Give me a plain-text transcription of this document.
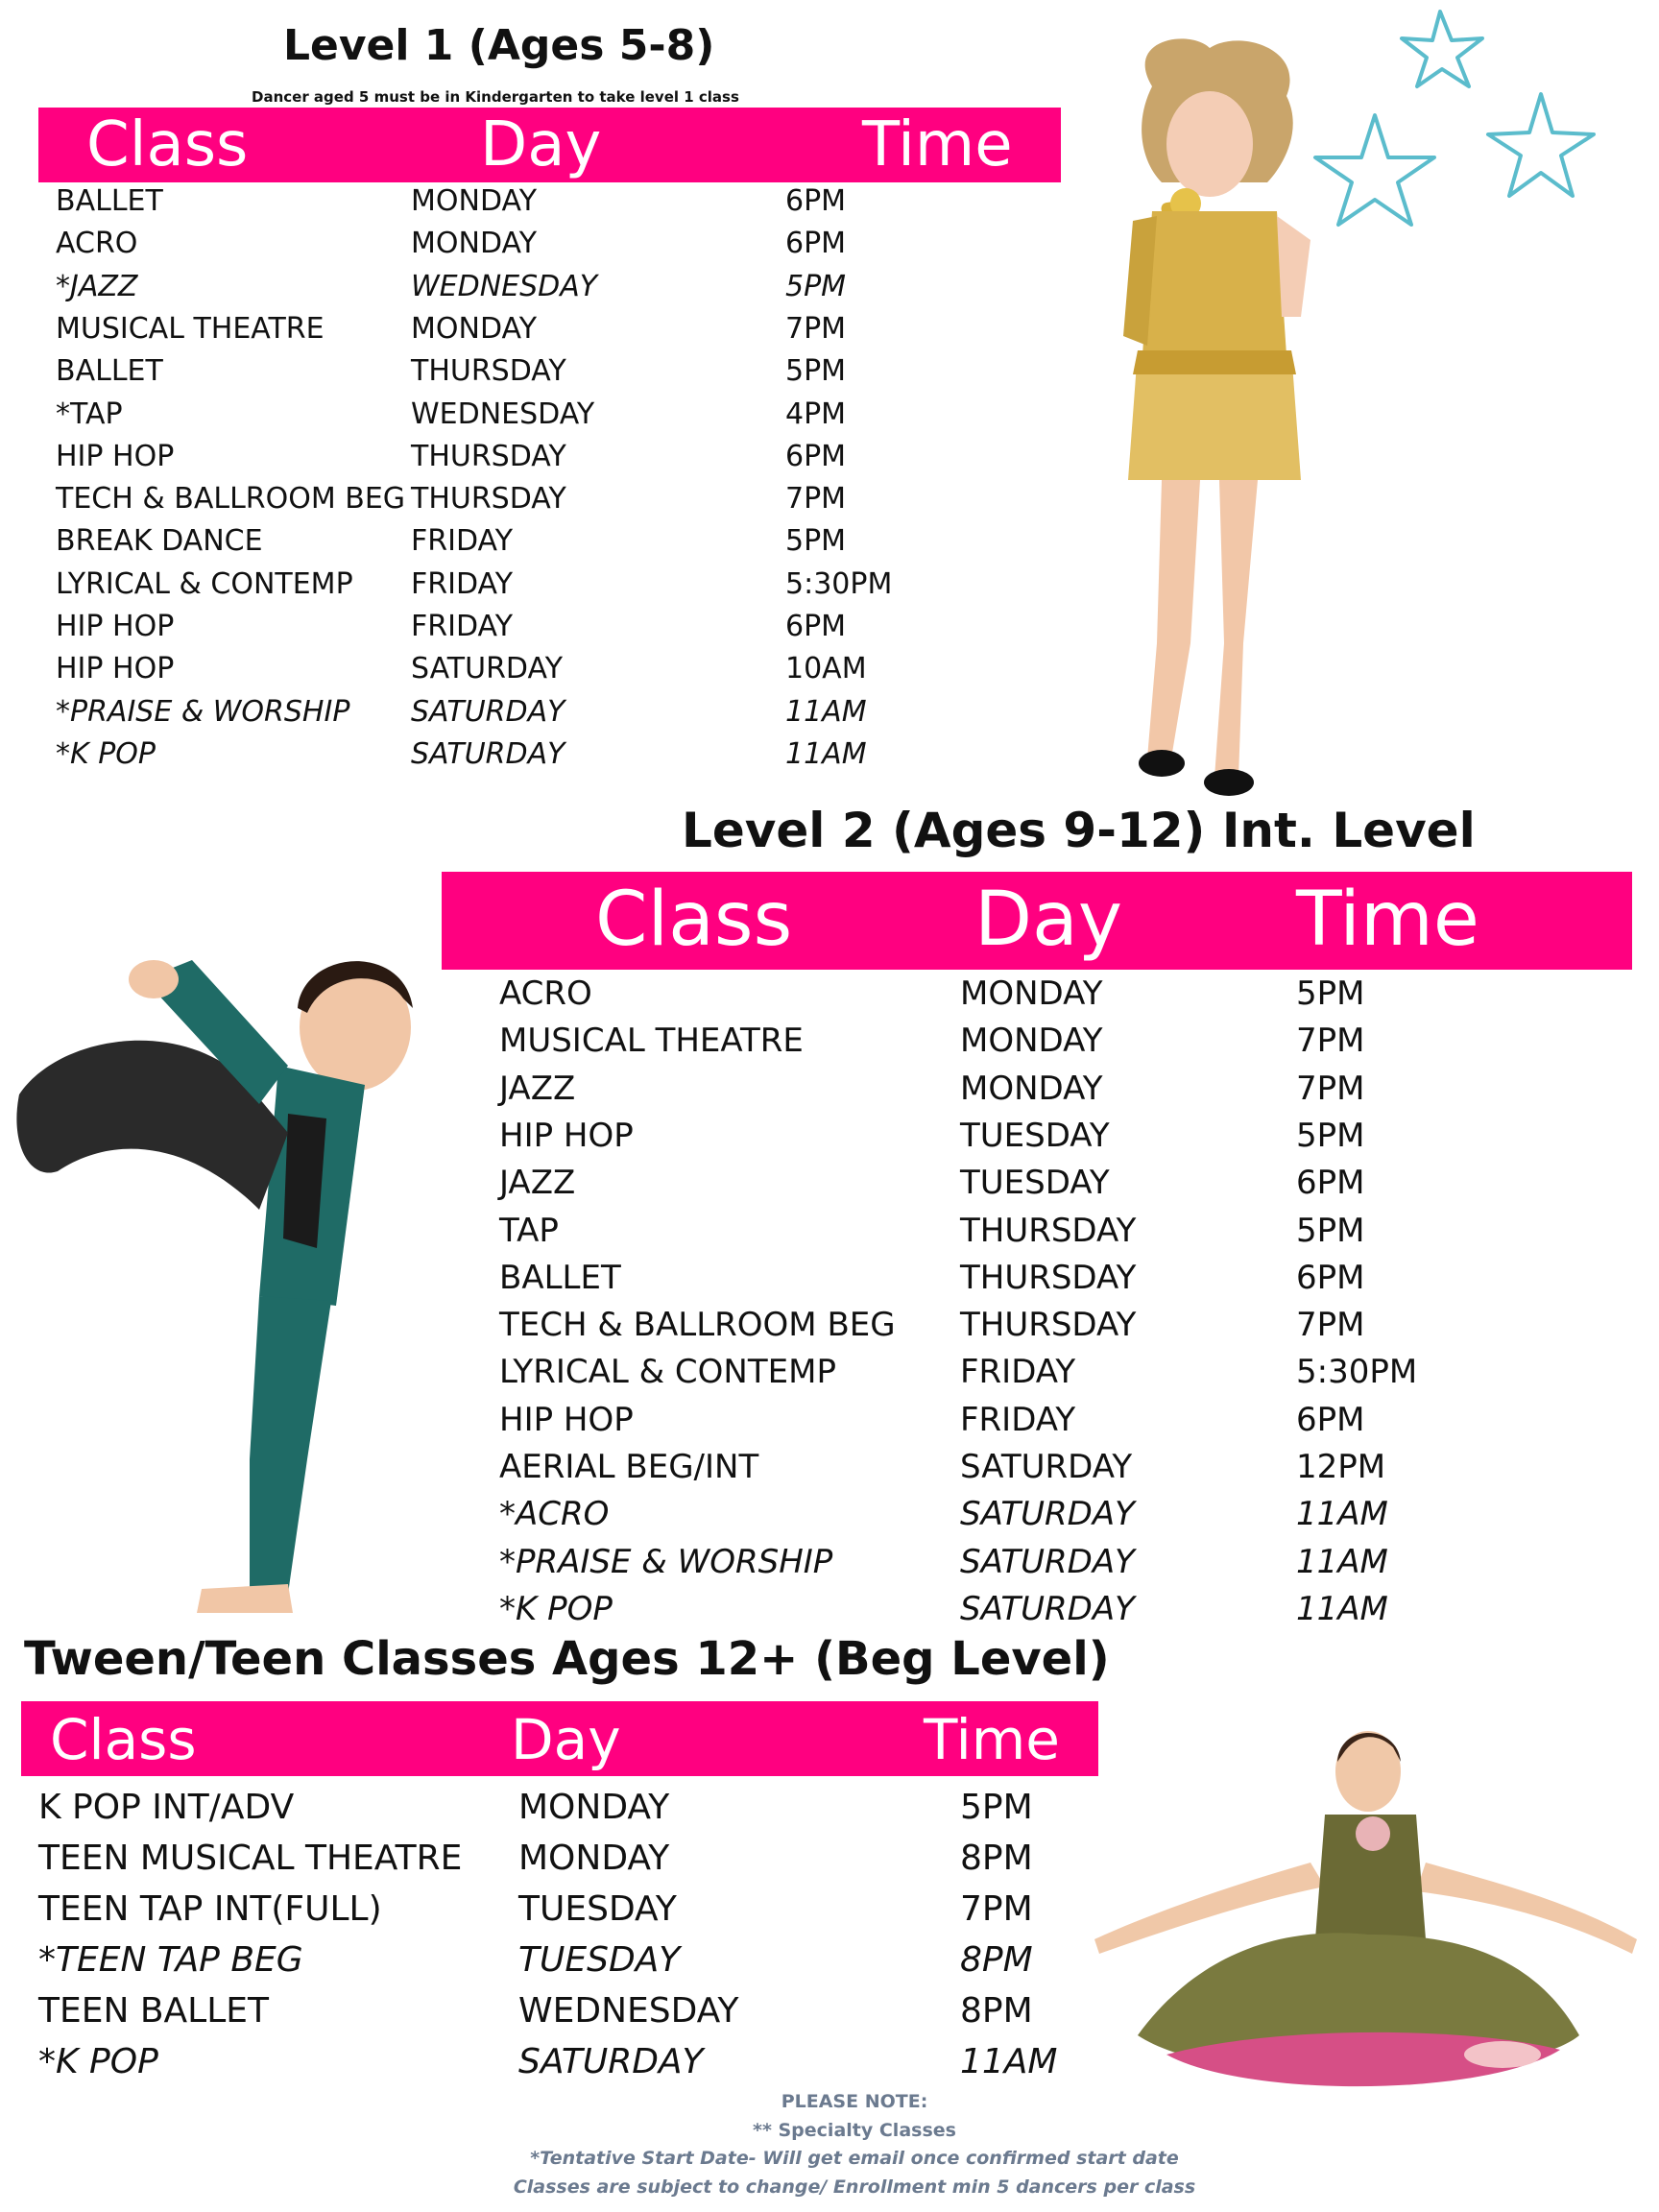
Level 1 (Ages 5-8)
Dancer aged 5 must be in Kindergarten to take level 1 class
Class	Day	Time
BALLET	MONDAY	6PM
ACRO	MONDAY	6PM
*JAZZ	WEDNESDAY	5PM
MUSICAL THEATRE	MONDAY	7PM
BALLET	THURSDAY	5PM
*TAP	WEDNESDAY	4PM
HIP HOP	THURSDAY	6PM
TECH & BALLROOM BEG THURSDAY	7PM
BREAK DANCE	FRIDAY	5PM
LYRICAL & CONTEMP FRIDAY	5:30PM
HIP HOP	FRIDAY	6PM
HIP HOP	SATURDAY	10AM
*PRAISE & WORSHIP SATURDAY	11AM
*K POP	SATURDAY	11AM
Level 2 (Ages 9-12) Int. Level
Class Day Time
ACRO	MONDAY	5PM
MUSICAL THEATRE	MONDAY	7PM
JAZZ	MONDAY	7PM
HIP HOP	TUESDAY	5PM
JAZZ	TUESDAY	6PM
TAP	THURSDAY	5PM
BALLET	THURSDAY	6PM
TECH & BALLROOM BEG THURSDAY	7PM
LYRICAL & CONTEMP	FRIDAY	5:30PM
HIP HOP	FRIDAY	6PM
AERIAL BEG/INT	SATURDAY	12PM
*ACRO	SATURDAY	11AM
*PRAISE & WORSHIP	SATURDAY	11AM
*K POP	SATURDAY	11AM
Tween/Teen Classes Ages 12+ (Beg Level)
Class	Day	Time
K POP INT/ADV	MONDAY	5PM
TEEN MUSICAL THEATRE MONDAY	8PM
TEEN TAP INT(FULL)	TUESDAY	7PM
*TEEN TAP BEG	TUESDAY	8PM
TEEN BALLET	WEDNESDAY	8PM
*K POP	SATURDAY	11AM
PLEASE NOTE:
** Specialty Classes
*Tentative Start Date- Will get email once confirmed start date
Classes are subject to change/ Enrollment min 5 dancers per class
